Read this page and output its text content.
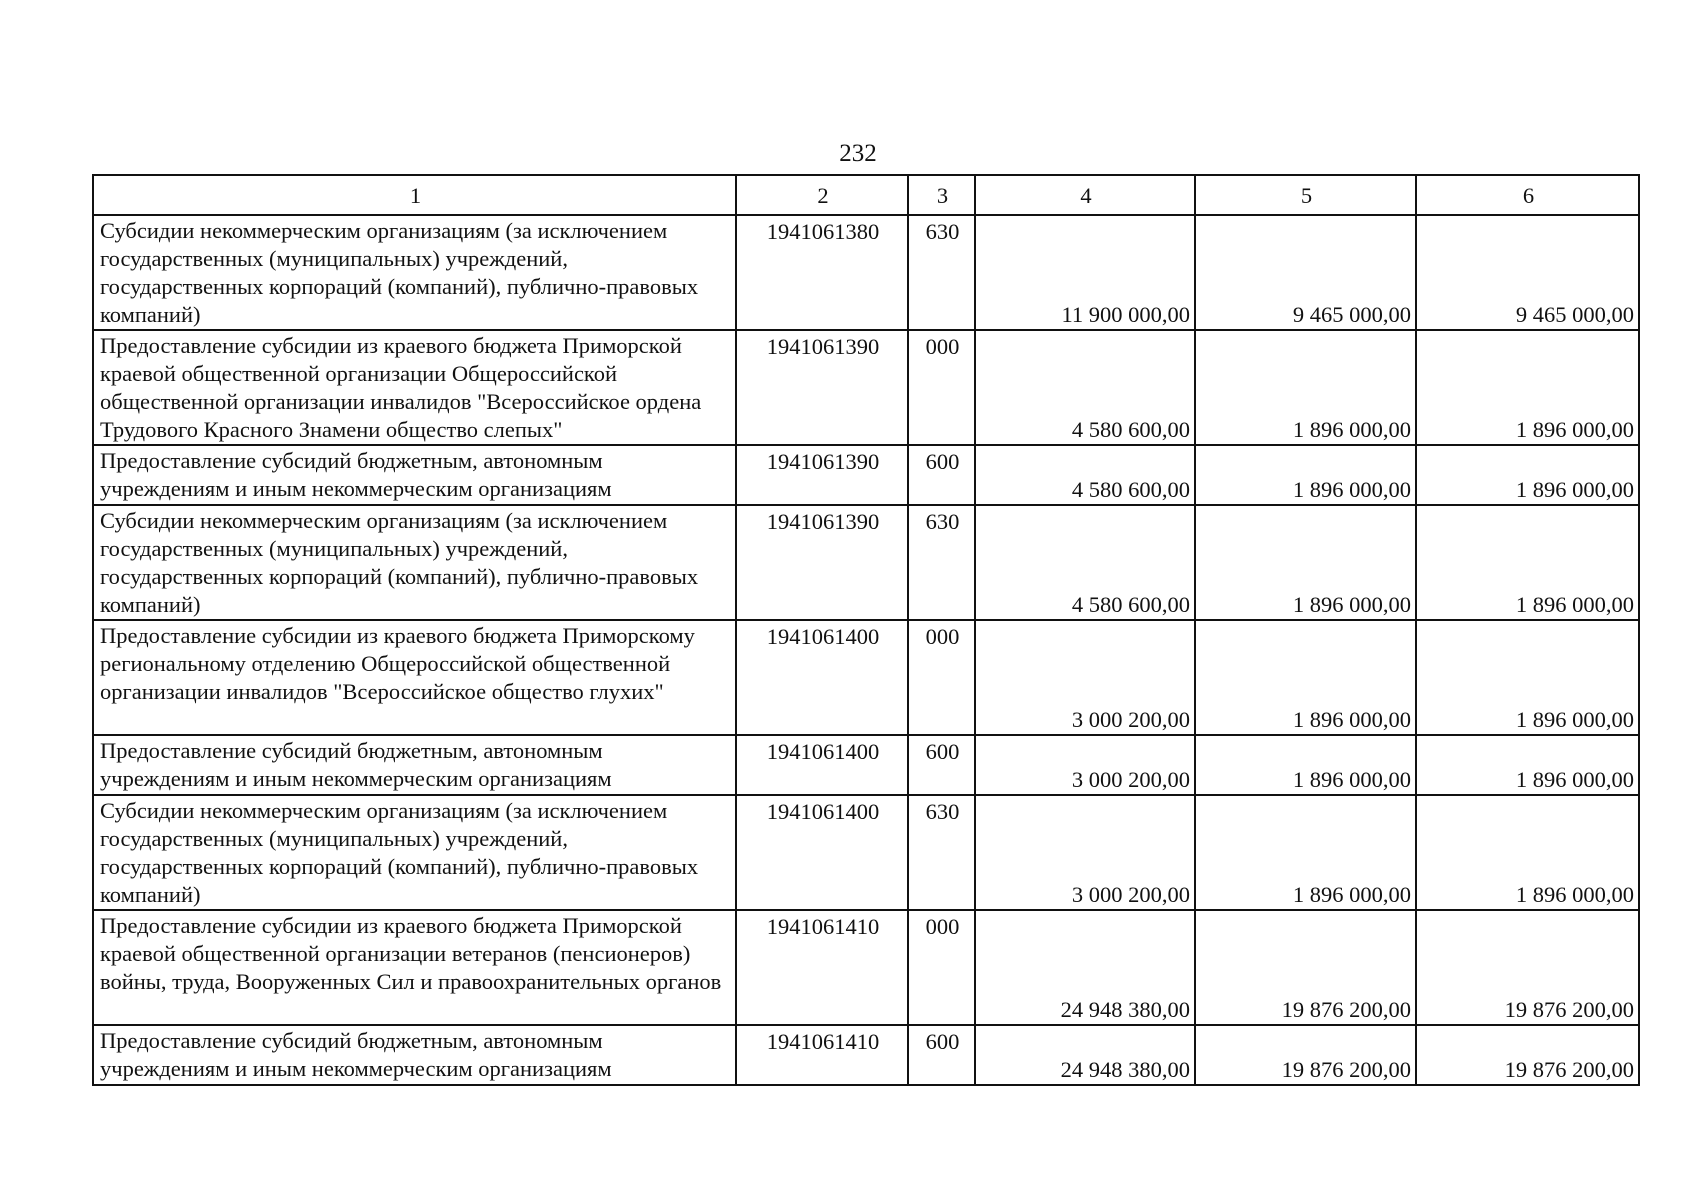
232
1	2	3	4	5	6
Субсидии некоммерческим организациям (за исключением государственных (муниципальных) учреждений, государственных корпораций (компаний), публично-правовых компаний)	1941061380	630	11 900 000,00	9 465 000,00	9 465 000,00
Предоставление субсидии из краевого бюджета Приморской краевой общественной организации Общероссийской общественной организации инвалидов "Всероссийское ордена Трудового Красного Знамени общество слепых"	1941061390	000	4 580 600,00	1 896 000,00	1 896 000,00
Предоставление субсидий бюджетным, автономным учреждениям и иным некоммерческим организациям	1941061390	600	4 580 600,00	1 896 000,00	1 896 000,00
Субсидии некоммерческим организациям (за исключением государственных (муниципальных) учреждений, государственных корпораций (компаний), публично-правовых компаний)	1941061390	630	4 580 600,00	1 896 000,00	1 896 000,00
Предоставление субсидии из краевого бюджета Приморскому региональному отделению Общероссийской общественной организации инвалидов "Всероссийское общество глухих"	1941061400	000	3 000 200,00	1 896 000,00	1 896 000,00
Предоставление субсидий бюджетным, автономным учреждениям и иным некоммерческим организациям	1941061400	600	3 000 200,00	1 896 000,00	1 896 000,00
Субсидии некоммерческим организациям (за исключением государственных (муниципальных) учреждений, государственных корпораций (компаний), публично-правовых компаний)	1941061400	630	3 000 200,00	1 896 000,00	1 896 000,00
Предоставление субсидии из краевого бюджета Приморской краевой общественной организации ветеранов (пенсионеров) войны, труда, Вооруженных Сил и правоохранительных органов	1941061410	000	24 948 380,00	19 876 200,00	19 876 200,00
Предоставление субсидий бюджетным, автономным учреждениям и иным некоммерческим организациям	1941061410	600	24 948 380,00	19 876 200,00	19 876 200,00
